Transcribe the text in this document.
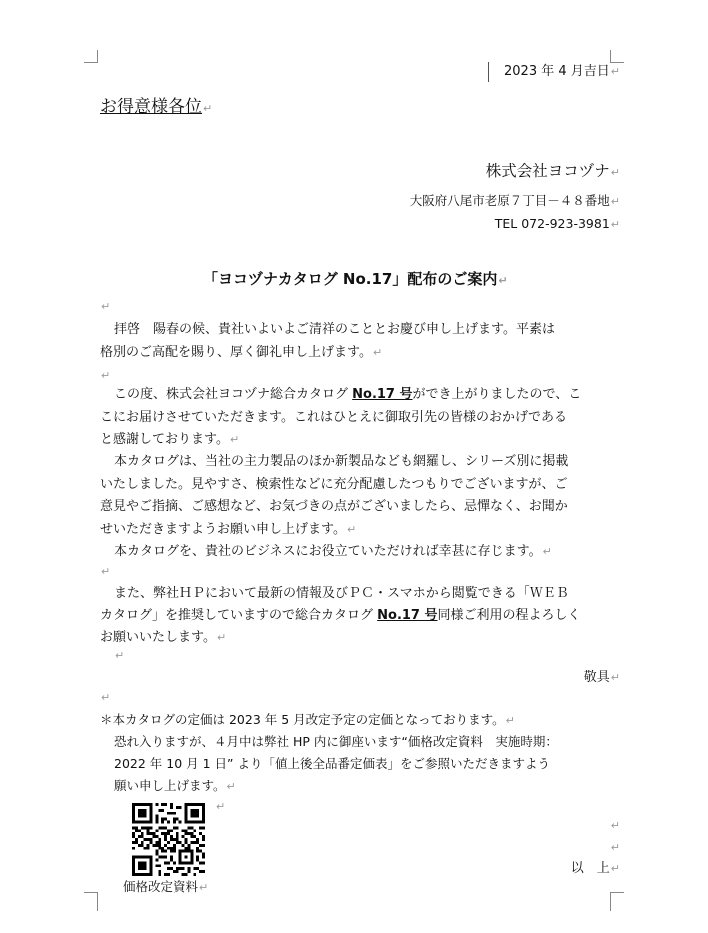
2023 年 4 月吉日↵
お得意様各位↵
株式会社ヨコヅナ↵
大阪府八尾市老原７丁目－４８番地↵
TEL 072-923-3981↵
「ヨコヅナカタログ No.17」配布のご案内↵
↵
拝啓　陽春の候、貴社いよいよご清祥のこととお慶び申し上げます。平素は
格別のご高配を賜り、厚く御礼申し上げます。↵
↵
この度、株式会社ヨコヅナ総合カタログ No.17 号ができ上がりましたので、こ
こにお届けさせていただきます。これはひとえに御取引先の皆様のおかげである
と感謝しております。↵
本カタログは、当社の主力製品のほか新製品なども網羅し、シリーズ別に掲載
いたしました。見やすさ、検索性などに充分配慮したつもりでございますが、ご
意見やご指摘、ご感想など、お気づきの点がございましたら、忌憚なく、お聞か
せいただきますようお願い申し上げます。↵
本カタログを、貴社のビジネスにお役立ていただければ幸甚に存じます。↵
↵
また、弊社ＨＰにおいて最新の情報及びＰＣ・スマホから閲覧できる「ＷＥＢ
カタログ」を推奨していますので総合カタログ No.17 号同様ご利用の程よろしく
お願いいたします。↵
↵
敬具↵
↵
＊本カタログの定価は 2023 年 5 月改定予定の定価となっております。↵
恐れ入りますが、４月中は弊社 HP 内に御座います“価格改定資料　実施時期：
2022 年 10 月 1 日” より「値上後全品番定価表」をご参照いただきますよう
願い申し上げます。↵
↵
価格改定資料↵
↵
↵
以　上↵
